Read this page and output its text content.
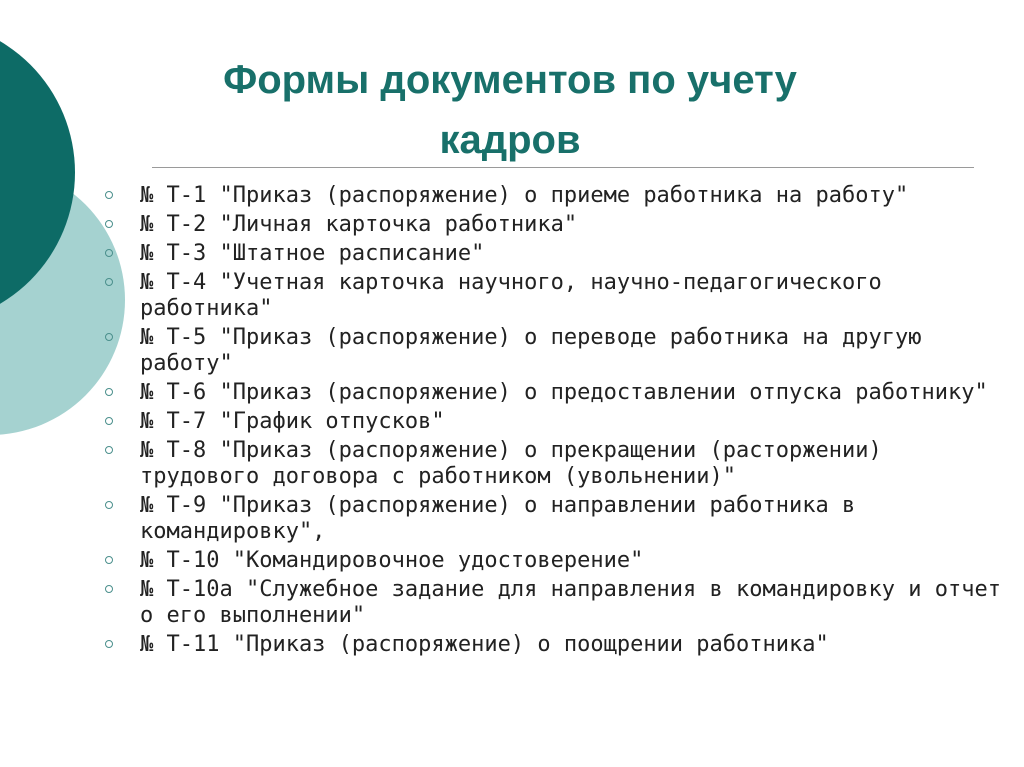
Формы документов по учету кадров
№ Т-1 "Приказ (распоряжение) о приеме работника на работу"
№ Т-2 "Личная карточка работника"
№ Т-3 "Штатное расписание"
№ Т-4 "Учетная карточка научного, научно-педагогического работника"
№ Т-5 "Приказ (распоряжение) о переводе работника на другую работу"
№ Т-6 "Приказ (распоряжение) о предоставлении отпуска работнику"
№ Т-7 "График отпусков"
№ Т-8 "Приказ (распоряжение) о прекращении (расторжении) трудового договора с работником (увольнении)"
№ Т-9 "Приказ (распоряжение) о направлении работника в командировку",
№ Т-10 "Командировочное удостоверение"
№ Т-10а "Служебное задание для направления в командировку и отчет о его выполнении"
№ Т-11 "Приказ (распоряжение) о поощрении работника"
